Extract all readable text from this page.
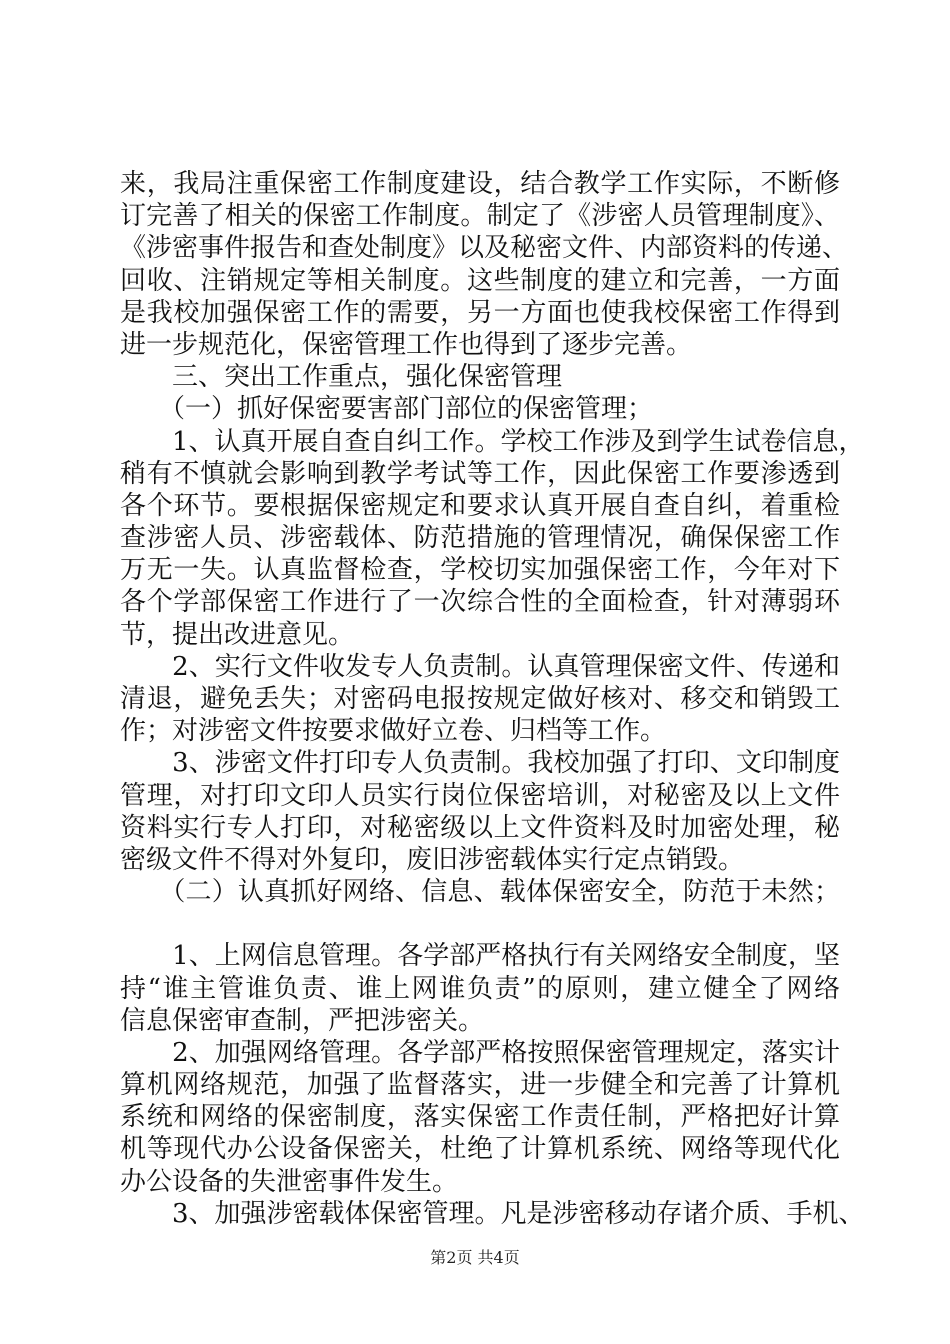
来，我局注重保密工作制度建设，结合教学工作实际，不断修
订完善了相关的保密工作制度。制定了《涉密人员管理制度》、
《涉密事件报告和查处制度》以及秘密文件、内部资料的传递、
回收、注销规定等相关制度。这些制度的建立和完善，一方面
是我校加强保密工作的需要，另一方面也使我校保密工作得到
进一步规范化，保密管理工作也得到了逐步完善。
　　三、突出工作重点，强化保密管理
　　（一）抓好保密要害部门部位的保密管理；
　　1、认真开展自查自纠工作。学校工作涉及到学生试卷信息，
稍有不慎就会影响到教学考试等工作，因此保密工作要渗透到
各个环节。要根据保密规定和要求认真开展自查自纠，着重检
查涉密人员、涉密载体、防范措施的管理情况，确保保密工作
万无一失。认真监督检查，学校切实加强保密工作，今年对下
各个学部保密工作进行了一次综合性的全面检查，针对薄弱环
节，提出改进意见。
　　2、实行文件收发专人负责制。认真管理保密文件、传递和
清退，避免丢失；对密码电报按规定做好核对、移交和销毁工
作；对涉密文件按要求做好立卷、归档等工作。
　　3、涉密文件打印专人负责制。我校加强了打印、文印制度
管理，对打印文印人员实行岗位保密培训，对秘密及以上文件
资料实行专人打印，对秘密级以上文件资料及时加密处理，秘
密级文件不得对外复印，废旧涉密载体实行定点销毁。
　　（二）认真抓好网络、信息、载体保密安全，防范于未然；
　　1、上网信息管理。各学部严格执行有关网络安全制度，坚
持“谁主管谁负责、谁上网谁负责”的原则，建立健全了网络
信息保密审查制，严把涉密关。
　　2、加强网络管理。各学部严格按照保密管理规定，落实计
算机网络规范，加强了监督落实，进一步健全和完善了计算机
系统和网络的保密制度，落实保密工作责任制，严格把好计算
机等现代办公设备保密关，杜绝了计算机系统、网络等现代化
办公设备的失泄密事件发生。
　　3、加强涉密载体保密管理。凡是涉密移动存诸介质、手机、
第2页 共4页
